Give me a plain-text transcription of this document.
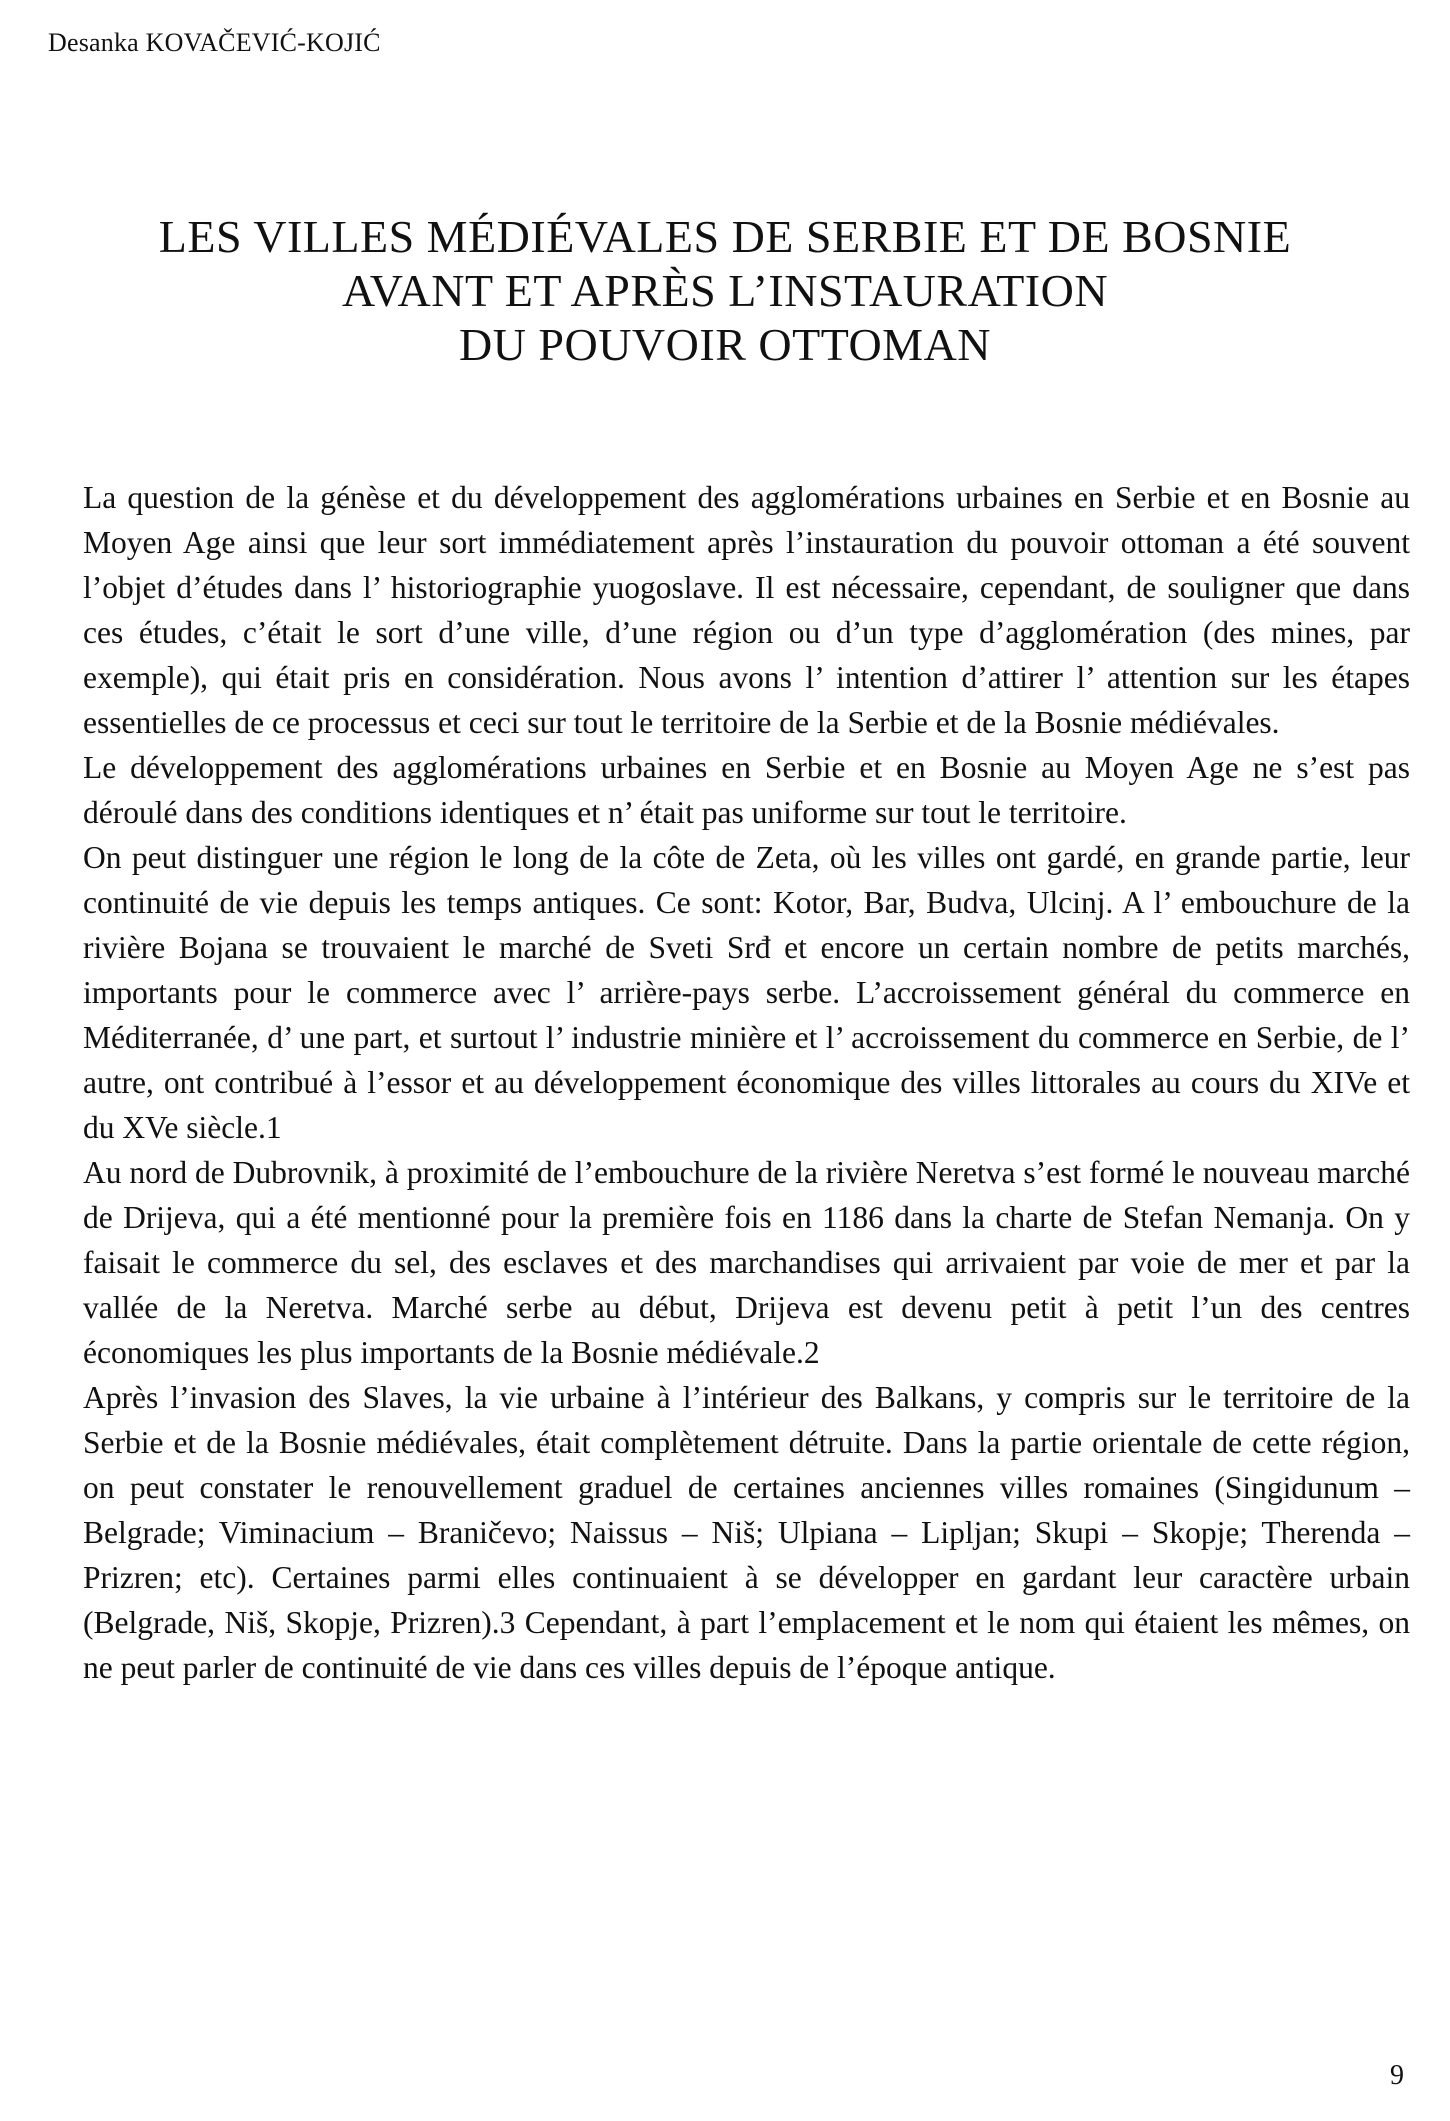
Desanka KOVAČEVIĆ-KOJIĆ
LES VILLES MÉDIÉVALES DE SERBIE ET DE BOSNIE
AVANT ET APRÈS L’INSTAURATION
DU POUVOIR OTTOMAN

La question de la génèse et du développement des agglomérations urbaines en Serbie et en Bosnie au Moyen Age ainsi que leur sort immédiatement après l’instauration du pouvoir ottoman a été souvent l’objet d’études dans l’ historiographie yuogoslave. Il est nécessaire, cependant, de souligner que dans ces études, c’était le sort d’une ville, d’une région ou d’un type d’agglomération (des mines, par exemple), qui était pris en considération. Nous avons l’ intention d’attirer l’ attention sur les étapes essentielles de ce processus et ceci sur tout le territoire de la Serbie et de la Bosnie médiévales.

Le développement des agglomérations urbaines en Serbie et en Bosnie au Moyen Age ne s’est pas déroulé dans des conditions identiques et n’ était pas uniforme sur tout le territoire.

On peut distinguer une région le long de la côte de Zeta, où les villes ont gardé, en grande partie, leur continuité de vie depuis les temps antiques. Ce sont: Kotor, Bar, Budva, Ulcinj. A l’ embouchure de la rivière Bojana se trouvaient le marché de Sveti Srđ et encore un certain nombre de petits marchés, importants pour le commerce avec l’ arrière-pays serbe. L’accroissement général du commerce en Méditerranée, d’ une part, et surtout l’ industrie minière et l’ accroissement du commerce en Serbie, de l’ autre, ont contribué à l’essor et au développement économique des villes littorales au cours du XIVe et du XVe siècle.1

Au nord de Dubrovnik, à proximité de l’embouchure de la rivière Neretva s’est formé le nouveau marché de Drijeva, qui a été mentionné pour la première fois en 1186 dans la charte de Stefan Nemanja. On y faisait le commerce du sel, des esclaves et des marchandises qui arrivaient par voie de mer et par la vallée de la Neretva. Marché serbe au début, Drijeva est devenu petit à petit l’un des centres économiques les plus importants de la Bosnie médiévale.2

Après l’invasion des Slaves, la vie urbaine à l’intérieur des Balkans, y compris sur le territoire de la Serbie et de la Bosnie médiévales, était complètement détruite. Dans la partie orientale de cette région, on peut constater le renouvellement graduel de certaines anciennes villes romaines (Singidunum – Belgrade; Viminacium – Braničevo; Naissus – Niš; Ulpiana – Lipljan; Skupi – Skopje; Therenda – Prizren; etc). Certaines parmi elles continuaient à se développer en gardant leur caractère urbain (Belgrade, Niš, Skopje, Prizren).3 Cependant, à part l’emplacement et le nom qui étaient les mêmes, on ne peut parler de continuité de vie dans ces villes depuis de l’époque antique.

9
